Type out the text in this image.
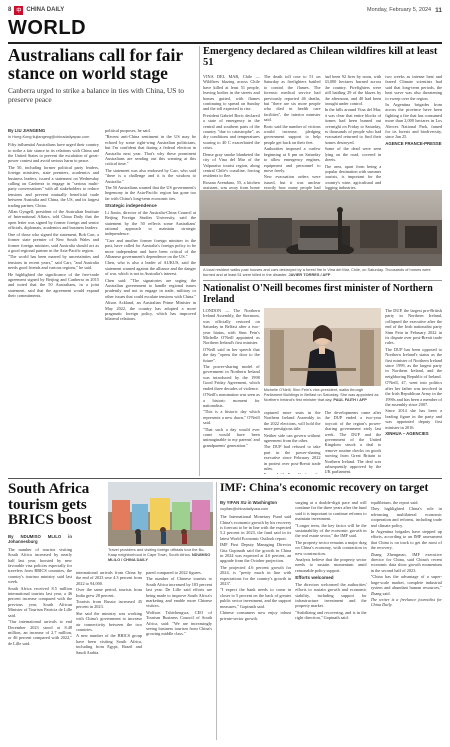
8 中 CHINA DAILY	Monday, February 5, 2024 11
WORLD
Australians call for fair stance on world stage
Canberra urged to strike a balance in ties with China, US to preserve peace
By LIU JIANGENG
in Hong Kong liujiangeng@chinadailyapac.com

Fifty influential Australians have urged their country to strike a fair stance in its relations with China and the United States to prevent the escalation of great-power contest and avoid serious harm to peace.

The 50, including former political party leaders, foreign ministers, state premiers, academics and business leaders, issued a statement on Wednesday calling on Canberra to engage in "serious multi-party conversations" with all stakeholders to reduce tensions and prevent mutually beneficial trade between Australia and China, the US, and its largest trading partner, China.

Allan Gyngell, president of the Australian Institute of International Affairs, told China Daily that the open letter was signed by former foreign and senior officials, diplomats, academics and business leaders.

One of those who signed the statement, Bob Carr, a former state premier of New South Wales and former foreign minister, said Australia should act as a good regional partner in the Asia-Pacific region.

"The world has been marred by uncertainties and tensions in recent years," said Carr, "and Australia needs good friends and various regions," he said.

He highlighted the significance of the free-trade agreement signed by Beijing and Canberra in 2015 and noted that the 50 Australians, in a joint statement, said that the agreement would expand their commitments.

political purposes, he said.

"Recent anti-China sentiment in the US may be echoed by some right-wing Australian politicians, but I'm confident that during a federal election in Australia next year. That's why these prominent Australians are sending out this warning at this critical time."

The statement was also endorsed by Carr, who said "there is a challenge and it is the wisdom to Australia."

The 50 Australians warned that the US government's hegemony in the Asia-Pacific region has gone too far with China's long-term economic ties.

Strategic independence

Li Jiaxin, director of the Australia-China Council at Beijing Foreign Studies University, said the statement by the 50 reflects some Australians' rational approach to maintain strategic independence.

"Carr and another former foreign minister in the past, have called for Australia's foreign policy to be more independent and have been critical of the Albanese government's dependence on the US."

Chen, who is also a leader of AUKUS, said the statement warned against the alliance and the danger of war, which is not in Australia's interest.

Chen said: "The signatories are urging the Australian government to handle regional issues prudently and not to engage in trade, military or other issues that could escalate tensions with China."

Alison Ackland, an Australian Prime Minister in May 2022, the country has adopted a more pragmatic foreign policy, which has improved bilateral relations.

Emergency declared as Chilean wildfires kill at least 51

VINA DEL MAR, Chile — Wildfires blazing across Chile have killed at least 51 people, leaving bodies in the streets and homes gutted, with flames continuing to spread on Sunday and the toll expected to rise.

President Gabriel Boric declared a state of emergency in the central and southern parts of the country "due to catastrophe", as dry conditions and temperatures soaring to 40 C exacerbated the crisis.

Dense gray smoke blanketed the city of Vina del Mar of the Valparaiso tourist region, along central Chile's coastline, forcing residents to flee.

Rosana Avendano, 55, a kitchen assistant, was away from home

The death toll rose to 51 on Saturday as firefighters battled to control the flames. The forensic medical service had previously reported 46 deaths, but "there are six more people who died in health care facilities", the interior minister said.

Boric said the number of victims would increase, pledging government support to help people get back on their feet.

Authorities imposed a curfew beginning at 6 pm on Saturday to allow emergency engines, equipment and personnel to move freely.

New evacuation orders were issued, but it was unclear exactly how many people had

had been 92 fires by noon, with 43,000 hectares burned across the country. Firefighters were still battling 29 of the blazes by the afternoon, and 40 had been brought under control.

In the hills around Vina del Mar, it was clear that entire blocks of homes had been burned out overnight on Friday to Saturday, as thousands of people who had evacuated returned to find their homes destroyed.

Some of the dead were seen lying on the road, covered in sheets.

The area, apart from being a popular destination with summer tourists, is important for the country's wine, agricultural and logging industries.

two weeks as intense heat and feared Climate scientists had said that long-term periods, the heat wave was also threatening to sweep over the region.

In Argentina brigades from across the province have been fighting a fire that has consumed more than 2,000 hectares in Los Alerces National Park, famed for its forests and biodiversity, since Jan 25.

AGENCE FRANCE-PRESSE

A local resident walks past houses and cars destroyed by a forest fire in Vina del Mar, Chile, on Saturday. Thousands of homes were burned and at least 51 were killed in the disaster. JAVIER TORRES / AFP
Nationalist O'Neill becomes first minister of Northern Ireland

LONDON — The Northern Ireland Assembly, the Stormont, was officially restored on Saturday in Belfast after a two-year hiatus, with Sinn Fein's Michelle O'Neill appointed as Northern Ireland's first minister.

O'Neill said in her speech that the day "opens the door to the future".

The power-sharing model of government in Northern Ireland was introduced by the 1998 Good Friday Agreement, which ended three decades of violence.

O'Neill's nomination was seen as a historic moment for nationalists.

"This is a historic day which represents a new dawn," O'Neill said.

"That such a day would ever come would have been unimaginable to my parents' and grandparents' generation."

Michelle O'Neill, Sinn Fein's vice-president, walks through Parliament Buildings in Belfast on Saturday. She was appointed as Northern Ireland's first minister that day. PAUL FAITH / AFP

captured more seats in the Northern Ireland Assembly in the 2022 elections, will hold the more prestigious title.

Neither side can govern without agreement from the other.

The DUP had refused to take part in the power-sharing executive since February 2022 in protest over post-Brexit trade rules.

The developments came after the DUP ended a two-year boycott of the region's power-sharing government early last week. The DUP and the government of the United Kingdom struck a deal to remove routine checks on goods moving from Great Britain to Northern Ireland. The deal was subsequently approved by the UK parliament.

The DUP, the largest pro-British party in Northern Ireland, collapsed the executive after the end of the Irish nationalist party Sinn Fein in February 2022 in its dispute over post-Brexit trade rules.

The DUP has been opposed to Northern Ireland's status as the first minister of Northern Ireland since 1999, as the largest party in Northern Ireland, and the neighboring Republic of Ireland.

O'Neill, 47, went into politics after her father was involved in the Irish Republican Army in the 1990s and has been a member of the assembly since 2007.

Since 2014 she has been a leading figure in the party and was appointed deputy first minister in 2016.

XINHUA – AGENCIES

South Africa tourism gets BRICS boost
By NDUMISO MLILO in Johannesburg

The number of tourists visiting South Africa increased by nearly half last year, boosted by new favorable visa policies especially for travelers from BRICS countries, the country's tourism ministry said last week.

South Africa received 8.5 million international tourists last year, a 46 percent increase compared with the previous year, South African Minister of Tourism Patricia de Lille said.

"Our international arrivals to end December 2023 stood at 8.48 million, an increase of 2.7 million, or 46 percent compared with 2022," de Lille said.

Travel providers and visiting foreign officials tour the Bo-Kaap neighborhood in Cape Town, South Africa. NDUMISO MLILO / CHINA DAILY

international arrivals from China by the end of 2023 rose 4.3 percent from 2022 to 94,000.

Over the same period, tourists from India grew 28 percent.

Tourists from Russia increased 45 percent in 2023.

She said the ministry was working with China's government to increase air connectivity between the two countries.

A new number of the BRICS group have been visiting South Africa, including from Egypt, Brazil and Saudi Arabia.

pared compared to 2022 figures.

The number of Chinese tourists to South Africa increased by 183 percent last year. De Lille said efforts are being made to improve South Africa's marketing and enable more Chinese visitors.

Wolfson Tshivhengwa, CEO of Tourism Business Council of South Africa, said: "We are increasingly seeing business tourism from China's growing middle class."

IMF: China's economic recovery on target
By YIFAN XU in Washington
xuyifan@chinadailyusa.com

The International Monetary Fund said China's economic growth by his recovery is forecast to be in line with the expected 5.2 percent in 2023, the fund said in its latest World Economic Outlook report.

IMF First Deputy Managing Director Gita Gopinath said the growth in China in 2024 was expected at 4.6 percent, an upgrade from the October projection.

The projected 4.6 percent growth for 2024, is "pretty much in line with expectations for the country's growth in 2023".

"I expect the bank needs to come in closer to 5 percent on the back of greater public sector investment, and the support measures," Gopinath said.

Chinese consumers now enjoy robust private-sector growth.

surging at a double-digit pace and will continue for the three years after the fund said it is important to continue reforms to maintain investment.

"Longer term, the key factor will be the sustainability of the economic growth in the real estate sector," the IMF said.

The property sector remains a major drag on China's economy, with contraction in new construction.

Analysts believe that the property sector needs to sustain momentum amid reasonable policy support.

Efforts welcomed

The directors welcomed the authorities' efforts to sustain growth and economic stability, including support for infrastructure investment and the property market.

"Stabilizing and recovering, and is in the right direction," Gopinath said.

equilibrium, the report said.

They highlighted China's role in advancing multilateral economic cooperation and reforms, including trade and climate policy.

In Argentina brigades have stepped up efforts, according to an IMF assessment that China is on track to get the most of the recovery.

Zhang Zhengmao, IMF executive director for China, said China's recent economic data show growth momentum in the second half of 2023.

"China has the advantage of a super-large-scale market, complete industrial system and abundant human resources," Zhang said.

The writer is a freelance journalist for China Daily.
